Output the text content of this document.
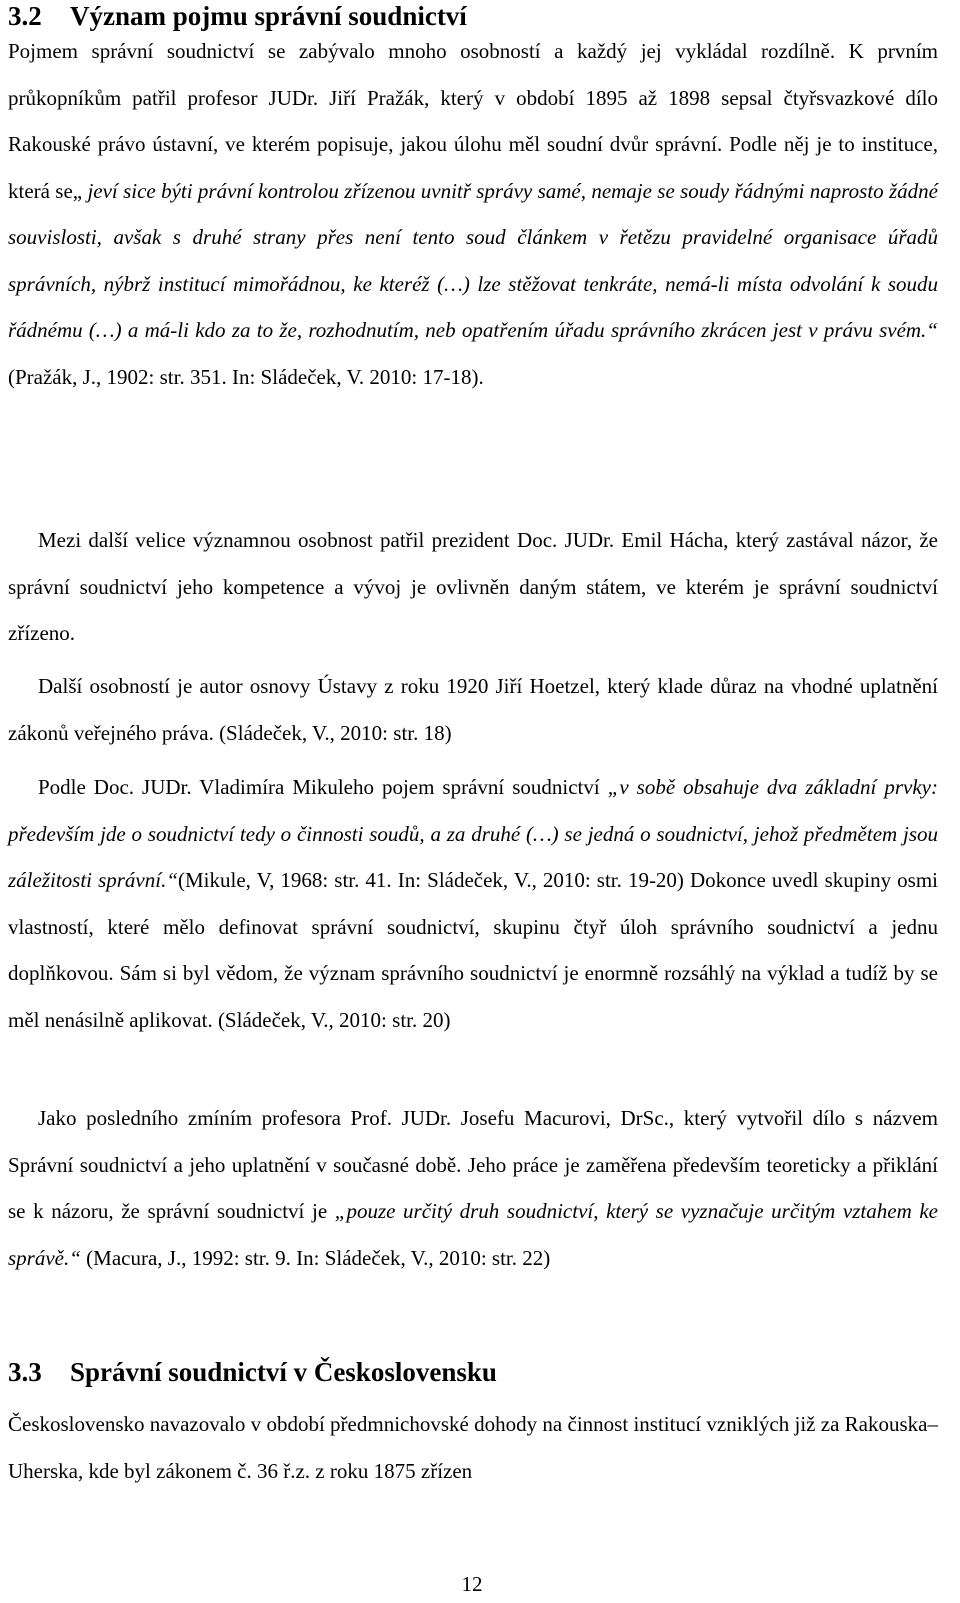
3.2	Význam pojmu správní soudnictví

Pojmem správní soudnictví se zabývalo mnoho osobností a každý jej vykládal rozdílně. K prvním průkopníkům patřil profesor JUDr. Jiří Pražák, který v období 1895 až 1898 sepsal čtyřsvazkové dílo Rakouské právo ústavní, ve kterém popisuje, jakou úlohu měl soudní dvůr správní. Podle něj je to instituce, která se„ jeví sice býti právní kontrolou zřízenou uvnitř správy samé, nemaje se soudy řádnými naprosto žádné souvislosti, avšak s druhé strany přes není tento soud článkem v řetězu pravidelné organisace úřadů správních, nýbrž institucí mimořádnou, ke kteréž (…) lze stěžovat tenkráte, nemá-li místa odvolání k soudu řádnému (…) a má-li kdo za to že, rozhodnutím, neb opatřením úřadu správního zkrácen jest v právu svém.“ (Pražák, J., 1902: str. 351. In: Sládeček, V. 2010: 17-18).

Mezi další velice významnou osobnost patřil prezident Doc. JUDr. Emil Hácha, který zastával názor, že správní soudnictví jeho kompetence a vývoj je ovlivněn daným státem, ve kterém je správní soudnictví zřízeno.

Další osobností je autor osnovy Ústavy z roku 1920 Jiří Hoetzel, který klade důraz na vhodné uplatnění zákonů veřejného práva. (Sládeček, V., 2010: str. 18)

Podle Doc. JUDr. Vladimíra Mikuleho pojem správní soudnictví „v sobě obsahuje dva základní prvky: především jde o soudnictví tedy o činnosti soudů, a za druhé (…) se jedná o soudnictví, jehož předmětem jsou záležitosti správní.“(Mikule, V, 1968: str. 41. In: Sládeček, V., 2010: str. 19-20) Dokonce uvedl skupiny osmi vlastností, které mělo definovat správní soudnictví, skupinu čtyř úloh správního soudnictví a jednu doplňkovou. Sám si byl vědom, že význam správního soudnictví je enormně rozsáhlý na výklad a tudíž by se měl nenásilně aplikovat. (Sládeček, V., 2010: str. 20)

Jako posledního zmíním profesora Prof. JUDr. Josefu Macurovi, DrSc., který vytvořil dílo s názvem Správní soudnictví a jeho uplatnění v současné době. Jeho práce je zaměřena především teoreticky a přiklání se k názoru, že správní soudnictví je „pouze určitý druh soudnictví, který se vyznačuje určitým vztahem ke správě.“ (Macura, J., 1992: str. 9. In: Sládeček, V., 2010: str. 22)

3.3	Správní soudnictví v Československu

Československo navazovalo v období předmnichovské dohody na činnost institucí vzniklých již za Rakouska–Uherska, kde byl zákonem č. 36 ř.z. z roku 1875 zřízen

12
